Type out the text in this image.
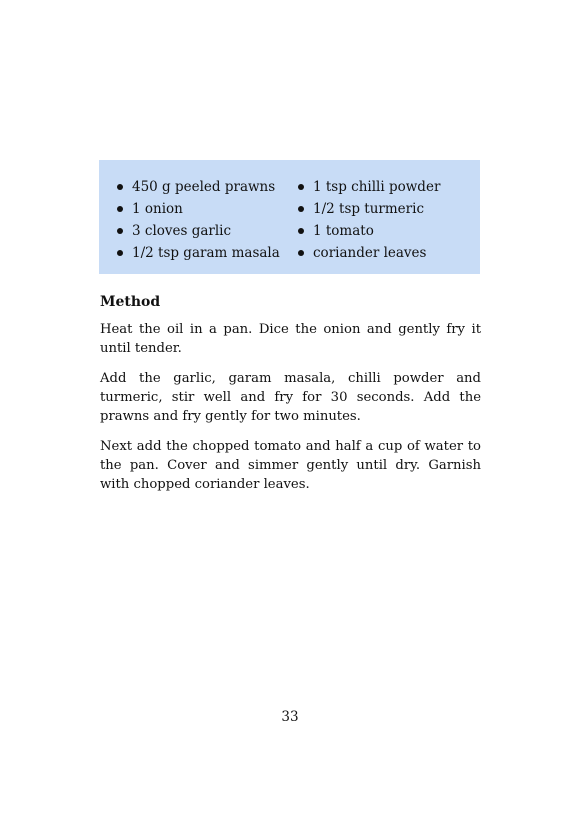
450 g peeled prawns
1 onion
3 cloves garlic
1/2 tsp garam masala
1 tsp chilli powder
1/2 tsp turmeric
1 tomato
coriander leaves
Method

Heat the oil in a pan. Dice the onion and gently fry it until tender.

Add the garlic, garam masala, chilli powder and turmeric, stir well and fry for 30 seconds. Add the prawns and fry gently for two minutes.

Next add the chopped tomato and half a cup of water to the pan. Cover and simmer gently until dry. Garnish with chopped coriander leaves.

33
